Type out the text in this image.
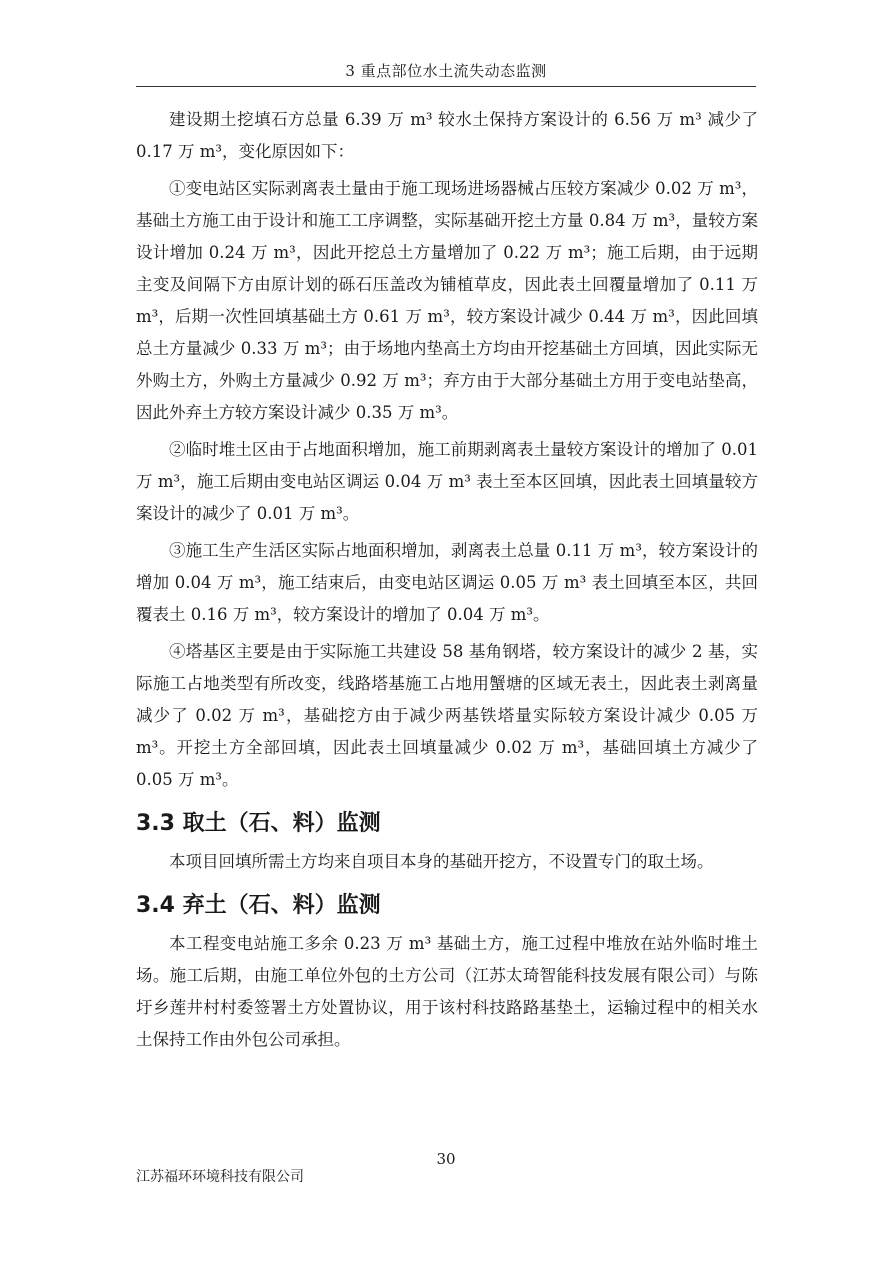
3 重点部位水土流失动态监测

建设期土挖填石方总量 6.39 万 m³ 较水土保持方案设计的 6.56 万 m³ 减少了 0.17 万 m³，变化原因如下：

①变电站区实际剥离表土量由于施工现场进场器械占压较方案减少 0.02 万 m³，基础土方施工由于设计和施工工序调整，实际基础开挖土方量 0.84 万 m³，量较方案设计增加 0.24 万 m³，因此开挖总土方量增加了 0.22 万 m³；施工后期，由于远期主变及间隔下方由原计划的砾石压盖改为铺植草皮，因此表土回覆量增加了 0.11 万 m³，后期一次性回填基础土方 0.61 万 m³，较方案设计减少 0.44 万 m³，因此回填总土方量减少 0.33 万 m³；由于场地内垫高土方均由开挖基础土方回填，因此实际无外购土方，外购土方量减少 0.92 万 m³；弃方由于大部分基础土方用于变电站垫高，因此外弃土方较方案设计减少 0.35 万 m³。

②临时堆土区由于占地面积增加，施工前期剥离表土量较方案设计的增加了 0.01 万 m³，施工后期由变电站区调运 0.04 万 m³ 表土至本区回填，因此表土回填量较方案设计的减少了 0.01 万 m³。

③施工生产生活区实际占地面积增加，剥离表土总量 0.11 万 m³，较方案设计的增加 0.04 万 m³，施工结束后，由变电站区调运 0.05 万 m³ 表土回填至本区，共回覆表土 0.16 万 m³，较方案设计的增加了 0.04 万 m³。

④塔基区主要是由于实际施工共建设 58 基角钢塔，较方案设计的减少 2 基，实际施工占地类型有所改变，线路塔基施工占地用蟹塘的区域无表土，因此表土剥离量减少了 0.02 万 m³，基础挖方由于减少两基铁塔量实际较方案设计减少 0.05 万 m³。开挖土方全部回填，因此表土回填量减少 0.02 万 m³，基础回填土方减少了 0.05 万 m³。

3.3 取土（石、料）监测

本项目回填所需土方均来自项目本身的基础开挖方，不设置专门的取土场。

3.4 弃土（石、料）监测

本工程变电站施工多余 0.23 万 m³ 基础土方，施工过程中堆放在站外临时堆土场。施工后期，由施工单位外包的土方公司（江苏太琦智能科技发展有限公司）与陈圩乡莲井村村委签署土方处置协议，用于该村科技路路基垫土，运输过程中的相关水土保持工作由外包公司承担。

30
江苏福环环境科技有限公司
